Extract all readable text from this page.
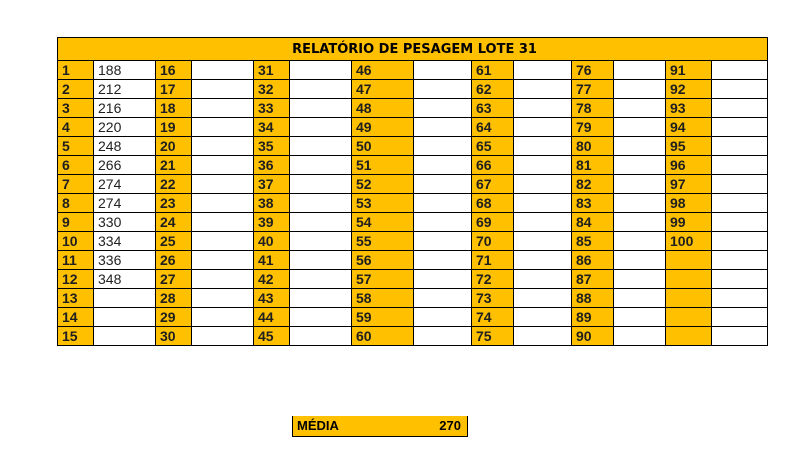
RELATÓRIO DE PESAGEM LOTE 31													
1	188	16		31		46		61		76		91	
2	212	17		32		47		62		77		92	
3	216	18		33		48		63		78		93	
4	220	19		34		49		64		79		94	
5	248	20		35		50		65		80		95	
6	266	21		36		51		66		81		96	
7	274	22		37		52		67		82		97	
8	274	23		38		53		68		83		98	
9	330	24		39		54		69		84		99	
10	334	25		40		55		70		85		100	
11	336	26		41		56		71		86			
12	348	27		42		57		72		87			
13		28		43		58		73		88			
14		29		44		59		74		89			
15		30		45		60		75		90			
MÉDIA	270
